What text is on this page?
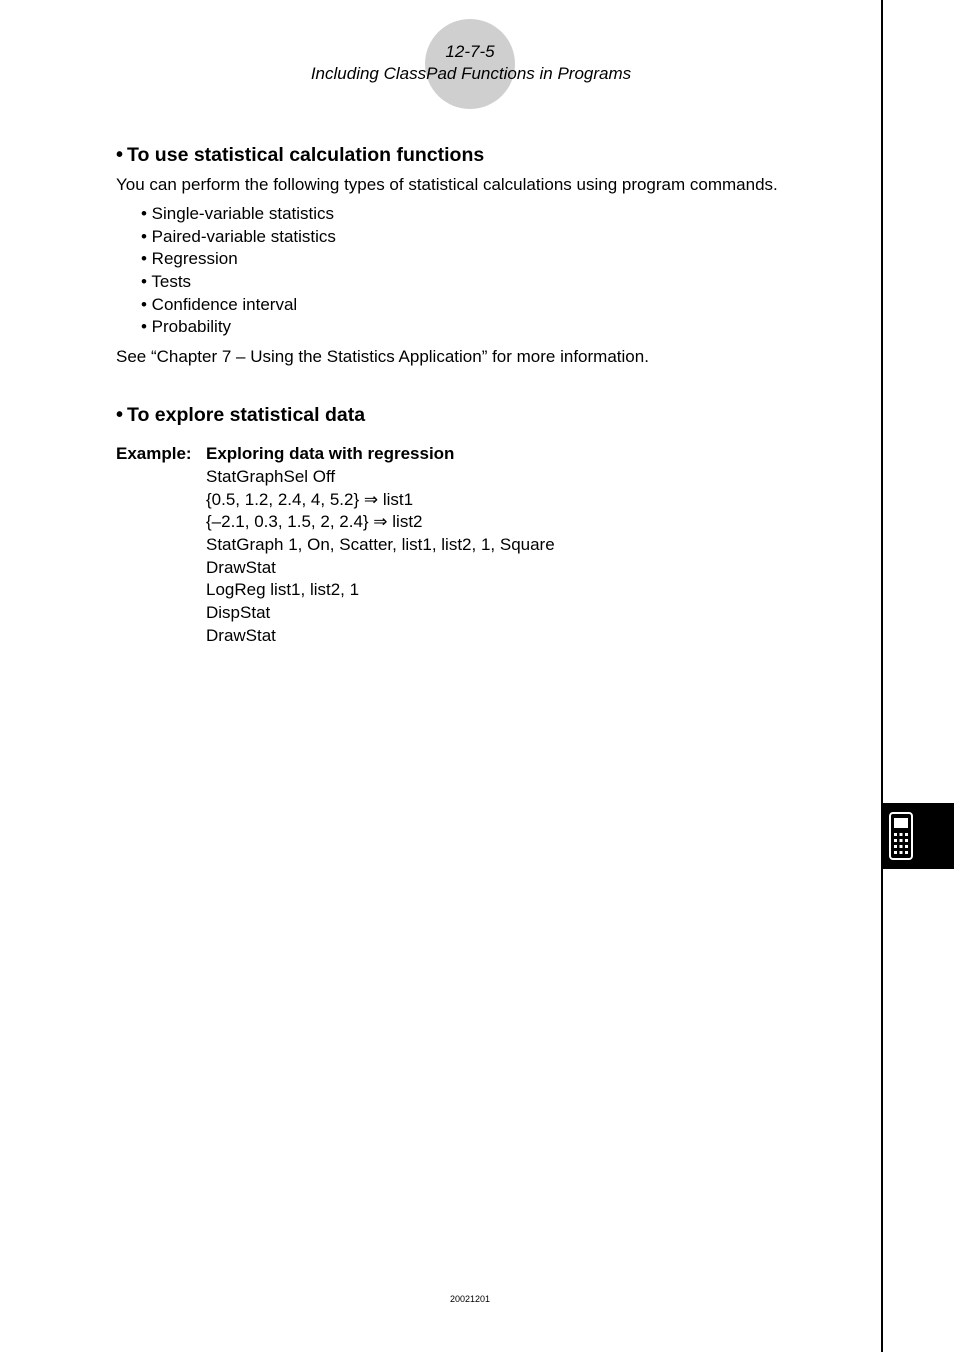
12-7-5
Including ClassPad Functions in Programs
• To use statistical calculation functions
You can perform the following types of statistical calculations using program commands.
• Single-variable statistics
• Paired-variable statistics
• Regression
• Tests
• Confidence interval
• Probability
See “Chapter 7 – Using the Statistics Application” for more information.
• To explore statistical data
Example: Exploring data with regression
StatGraphSel Off
{0.5, 1.2, 2.4, 4, 5.2} ⇒ list1
{–2.1, 0.3, 1.5, 2, 2.4} ⇒ list2
StatGraph 1, On, Scatter, list1, list2, 1, Square
DrawStat
LogReg list1, list2, 1
DispStat
DrawStat
20021201
